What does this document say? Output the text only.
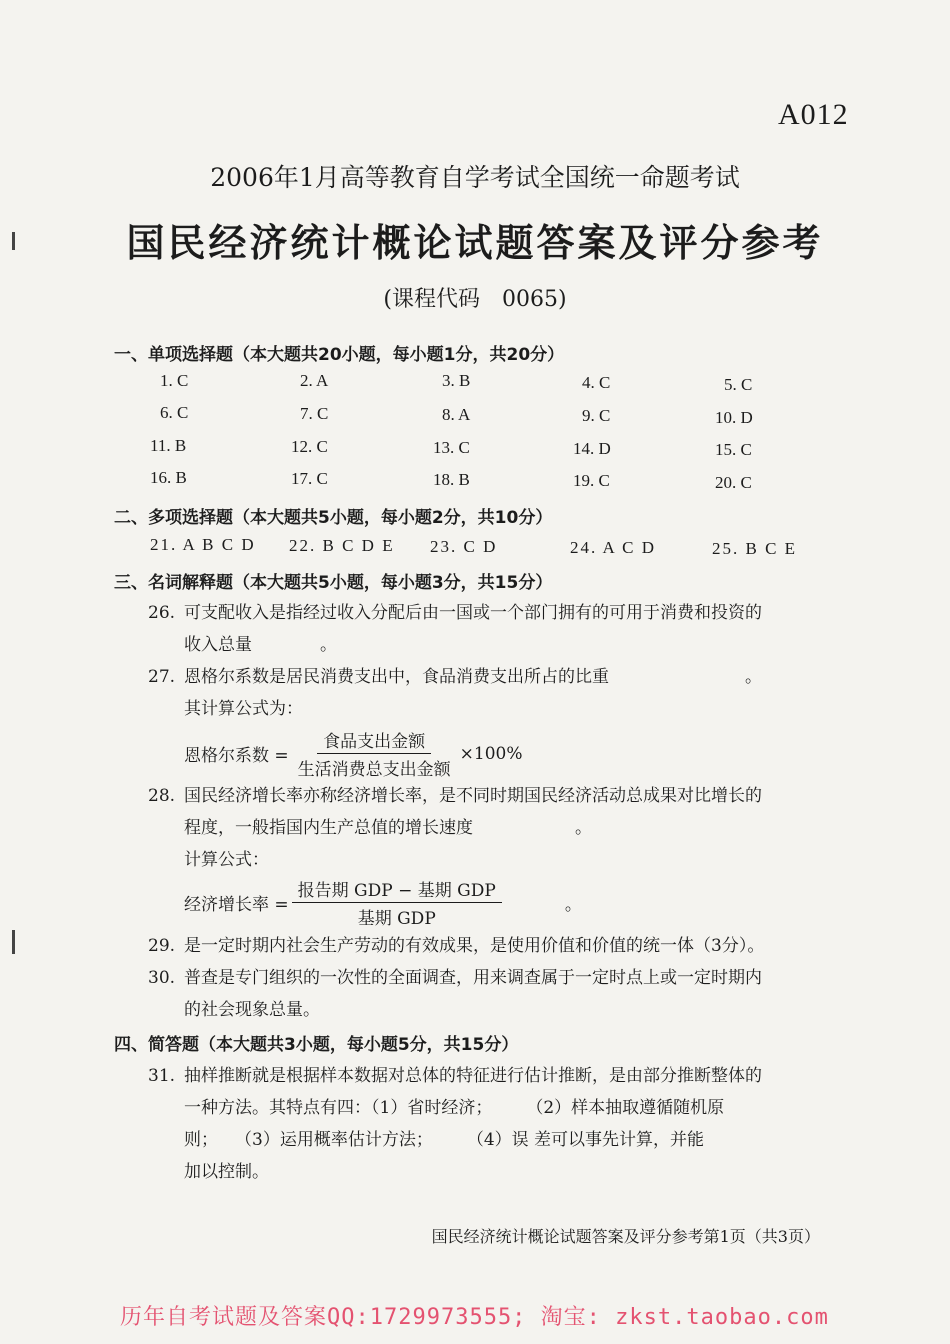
A012
2006年1月高等教育自学考试全国统一命题考试
国民经济统计概论试题答案及评分参考
(课程代码　0065)
一、单项选择题（本大题共20小题，每小题1分，共20分）
1. C	2. A	3. B	4. C	5. C
6. C	7. C	8. A	9. C	10. D
11. B	12. C	13. C	14. D	15. C
16. B	17. C	18. B	19. C	20. C
二、多项选择题（本大题共5小题，每小题2分，共10分）
21. A B C D 22. B C D E 23. C D	24. A C D	25. B C E
三、名词解释题（本大题共5小题，每小题3分，共15分）
26. 可支配收入是指经过收入分配后由一国或一个部门拥有的可用于消费和投资的
收入总量　　　　。
27. 恩格尔系数是居民消费支出中，食品消费支出所占的比重　　　　　　　　。
其计算公式为：
恩格尔系数 = $\frac{\text{食品支出金额}}{\text{生活消费总支出金额}} \times 100\%$
28. 国民经济增长率亦称经济增长率，是不同时期国民经济活动总成果对比增长的
程度，一般指国内生产总值的增长速度　　　　　　。
计算公式：
经济增长率 = $\frac{\text{报告期 GDP − 基期 GDP}}{\text{基期 GDP}}$	。
29. 是一定时期内社会生产劳动的有效成果，是使用价值和价值的统一体（3分）。
30. 普查是专门组织的一次性的全面调查，用来调查属于一定时点上或一定时期内
的社会现象总量。
四、简答题（本大题共3小题，每小题5分，共15分）
31. 抽样推断就是根据样本数据对总体的特征进行估计推断，是由部分推断整体的
一种方法。其特点有四：（1）省时经济；　　　（2）样本抽取遵循随机原
则；　　（3）运用概率估计方法；　　　（4）误 差可以事先计算，并能
加以控制。
国民经济统计概论试题答案及评分参考第1页（共3页）
历年自考试题及答案QQ:1729973555; 淘宝: zkst.taobao.com
